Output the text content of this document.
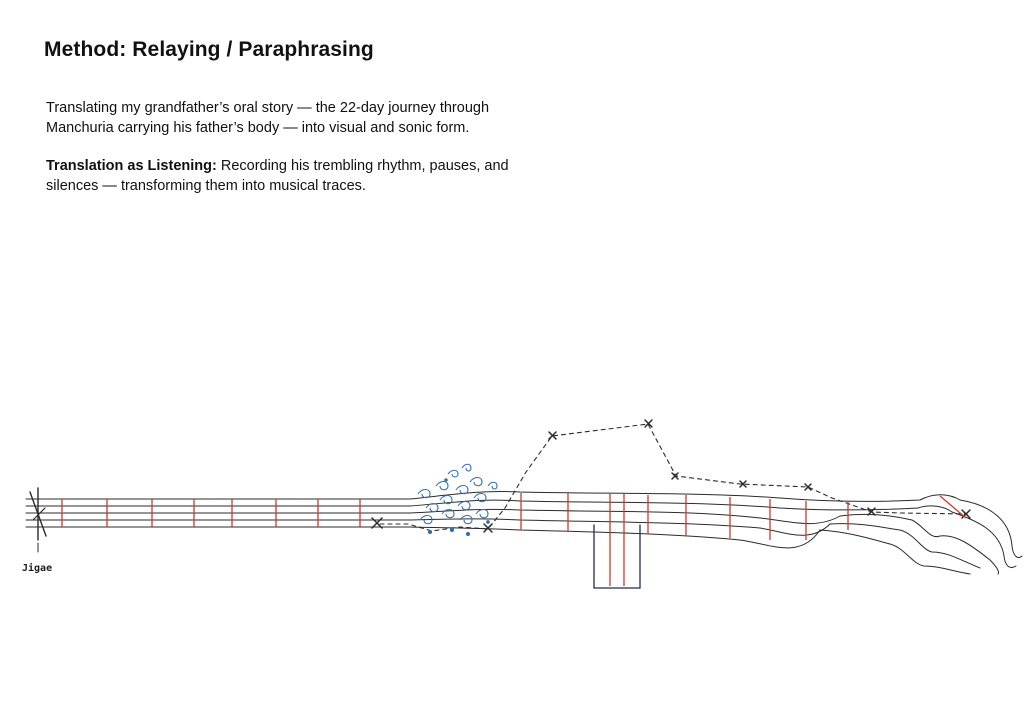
Method: Relaying / Paraphrasing

Translating my grandfather’s oral story — the 22-day journey through Manchuria carrying his father’s body — into visual and sonic form.

Translation as Listening: Recording his trembling rhythm, pauses, and silences — transforming them into musical traces.

Jigae
